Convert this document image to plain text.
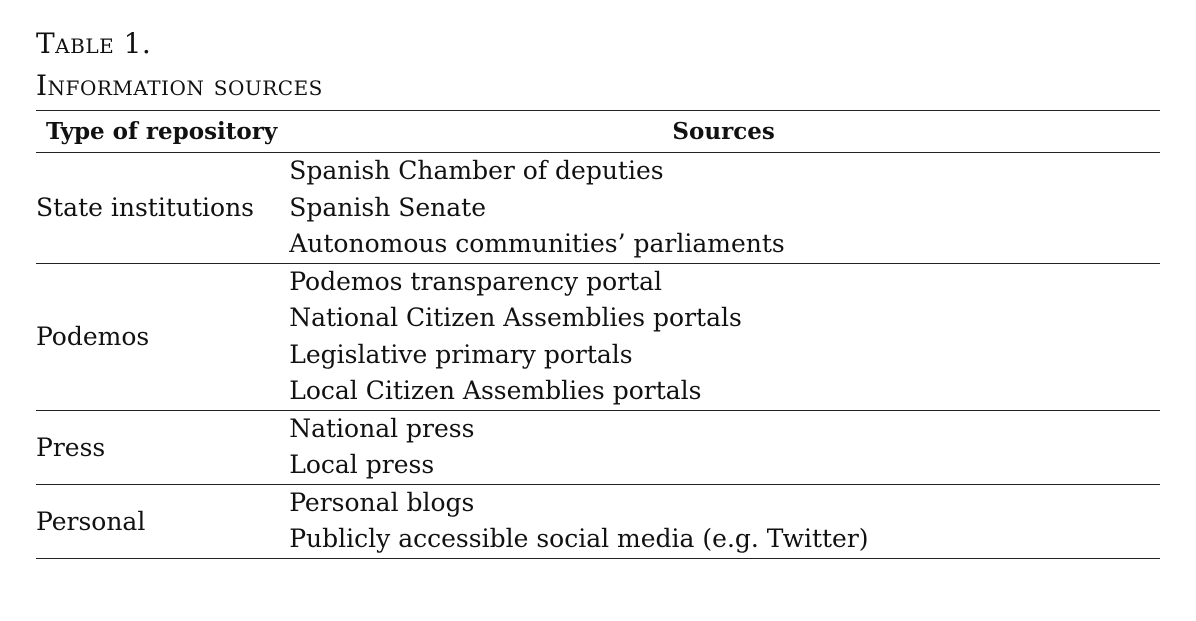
Table 1.
Information sources
Type of repository	Sources
State institutions	Spanish Chamber of deputies
Spanish Senate
Autonomous communities’ parliaments

Podemos	Podemos transparency portal
National Citizen Assemblies portals
Legislative primary portals
Local Citizen Assemblies portals

Press	National press
Local press

Personal	Personal blogs
Publicly accessible social media (e.g. Twitter)
